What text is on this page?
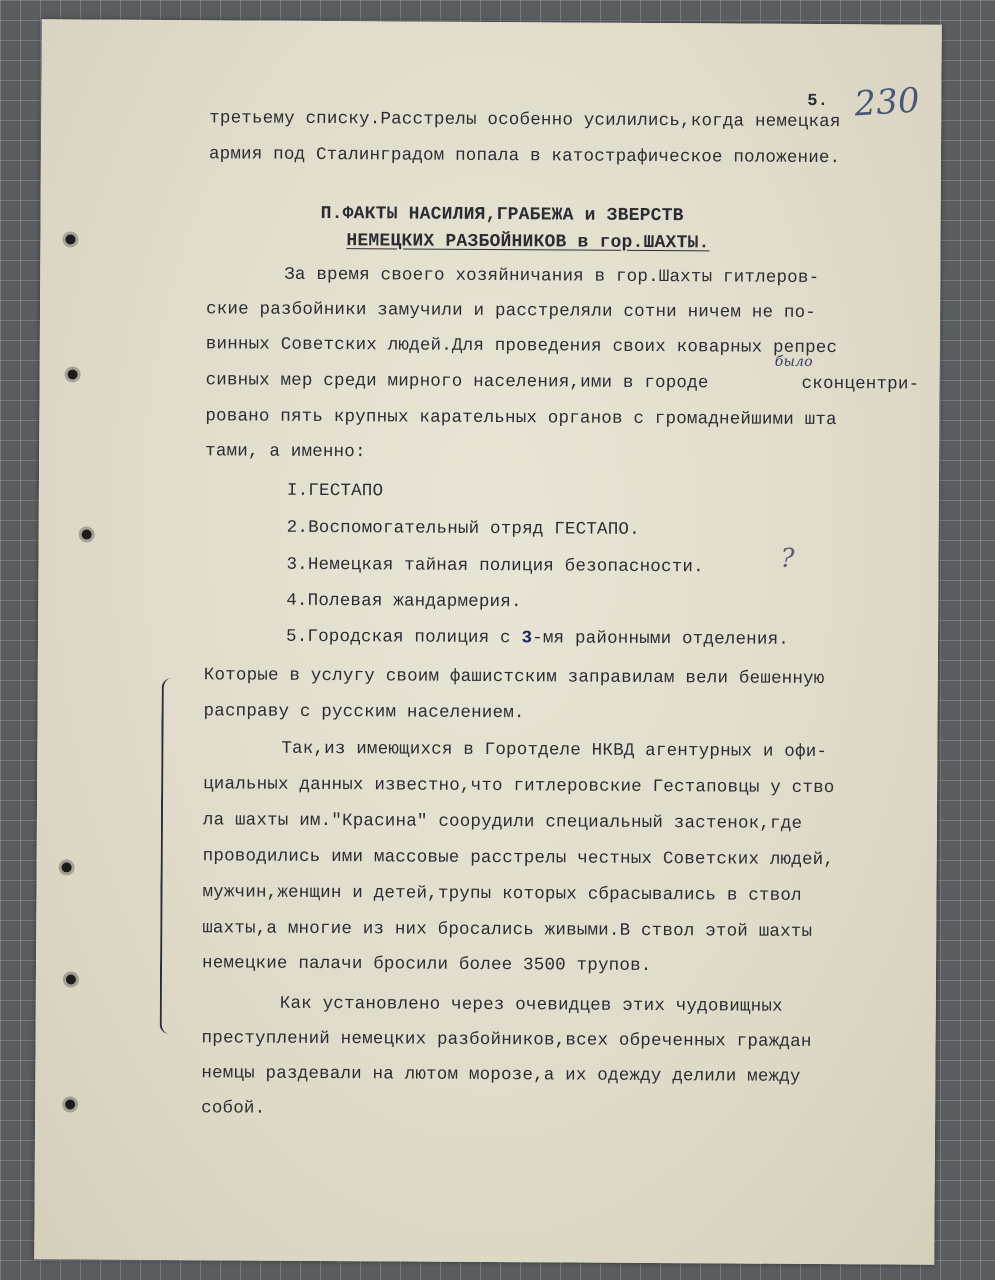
230
5.

третьему списку.Расстрелы особенно усилились,когда немецкая

армия под Сталинградом попала в катострафическое положение.

П.ФАКТЫ НАСИЛИЯ,ГРАБЕЖА и ЗВЕРСТВ

НЕМЕЦКИХ РАЗБОЙНИКОВ в гор.ШАХТЫ.

За время своего хозяйничания в гор.Шахты гитлеров-

ские разбойники замучили и расстреляли сотни ничем не по-

винных Советских людей.Для проведения своих коварных репрес

сивных мер среди мирного населения,ими в городе

было

сконцентри-

ровано пять крупных карательных органов с громаднейшими шта

тами, а именно:

I.ГЕСТАПО

2.Воспомогательный отряд ГЕСТАПО.

3.Немецкая тайная полиция безопасности.	?

4.Полевая жандармерия.

5.Городская полиция с 3-мя районными отделения.

Которые в услугу своим фашистским заправилам вели бешенную

расправу с русским населением.

Так,из имеющихся в Горотделе НКВД агентурных и офи-

циальных данных известно,что гитлеровские Гестаповцы у ство

ла шахты им."Красина" соорудили специальный застенок,где

проводились ими массовые расстрелы честных Советских людей,

мужчин,женщин и детей,трупы которых сбрасывались в ствол

шахты,а многие из них бросались живыми.В ствол этой шахты

немецкие палачи бросили более 3500 трупов.

Как установлено через очевидцев этих чудовищных

преступлений немецких разбойников,всех обреченных граждан

немцы раздевали на лютом морозе,а их одежду делили между

собой.
